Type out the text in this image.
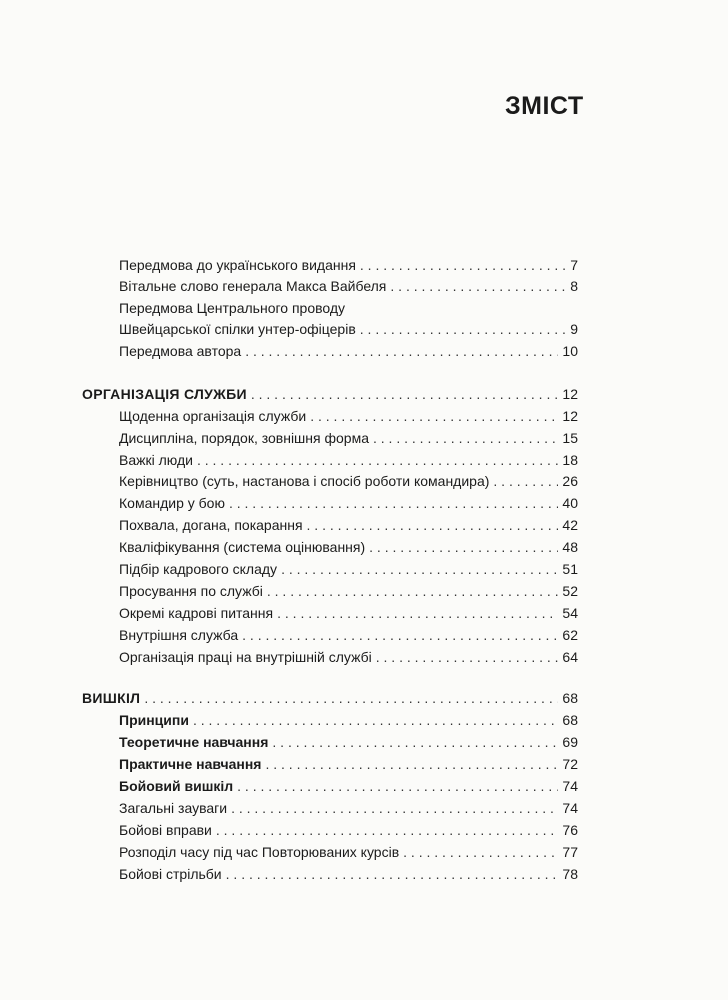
ЗМІСТ
Передмова до українського видання . . .	7
Вітальне слово генерала Макса Вайбеля . . .	8
Передмова Центрального проводу
Швейцарської спілки унтер-офіцерів . . .	9
Передмова автора . . .	10
ОРГАНІЗАЦІЯ СЛУЖБИ . . .	12
Щоденна організація служби . . .	12
Дисципліна, порядок, зовнішня форма . . .	15
Важкі люди . . .	18
Керівництво (суть, настанова і спосіб роботи командира) . . .	26
Командир у бою . . .	40
Похвала, догана, покарання . . .	42
Кваліфікування (система оцінювання) . . .	48
Підбір кадрового складу . . .	51
Просування по службі . . .	52
Окремі кадрові питання . . .	54
Внутрішня служба . . .	62
Організація праці на внутрішній службі . . .	64
ВИШКІЛ . . .	68
Принципи . . .	68
Теоретичне навчання . . .	69
Практичне навчання . . .	72
Бойовий вишкіл . . .	74
Загальні зауваги . . .	74
Бойові вправи . . .	76
Розподіл часу під час Повторюваних курсів . . .	77
Бойові стрільби . . .	78
